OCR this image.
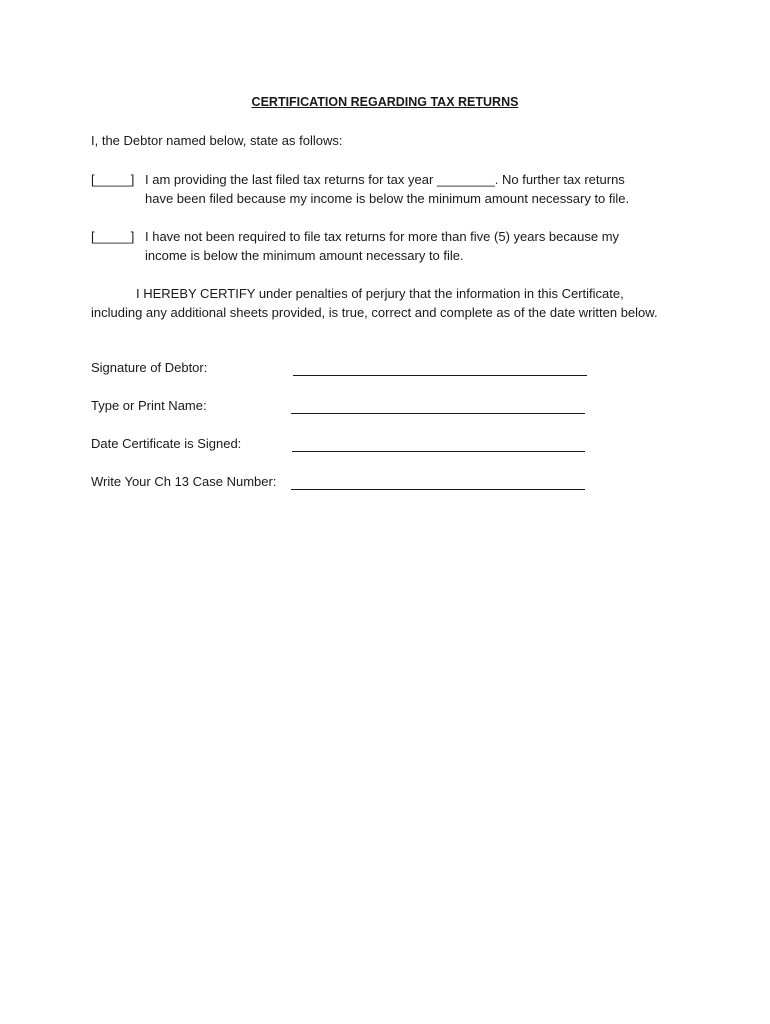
CERTIFICATION REGARDING TAX RETURNS
I, the Debtor named below, state as follows:
[_____] I am providing the last filed tax returns for tax year ________. No further tax returns
have been filed because my income is below the minimum amount necessary to file.
[_____] I have not been required to file tax returns for more than five (5) years because my
income is below the minimum amount necessary to file.
I HEREBY CERTIFY under penalties of perjury that the information in this Certificate, including any additional sheets provided, is true, correct and complete as of the date written below.
Signature of Debtor:
Type or Print Name:
Date Certificate is Signed:
Write Your Ch 13 Case Number:
